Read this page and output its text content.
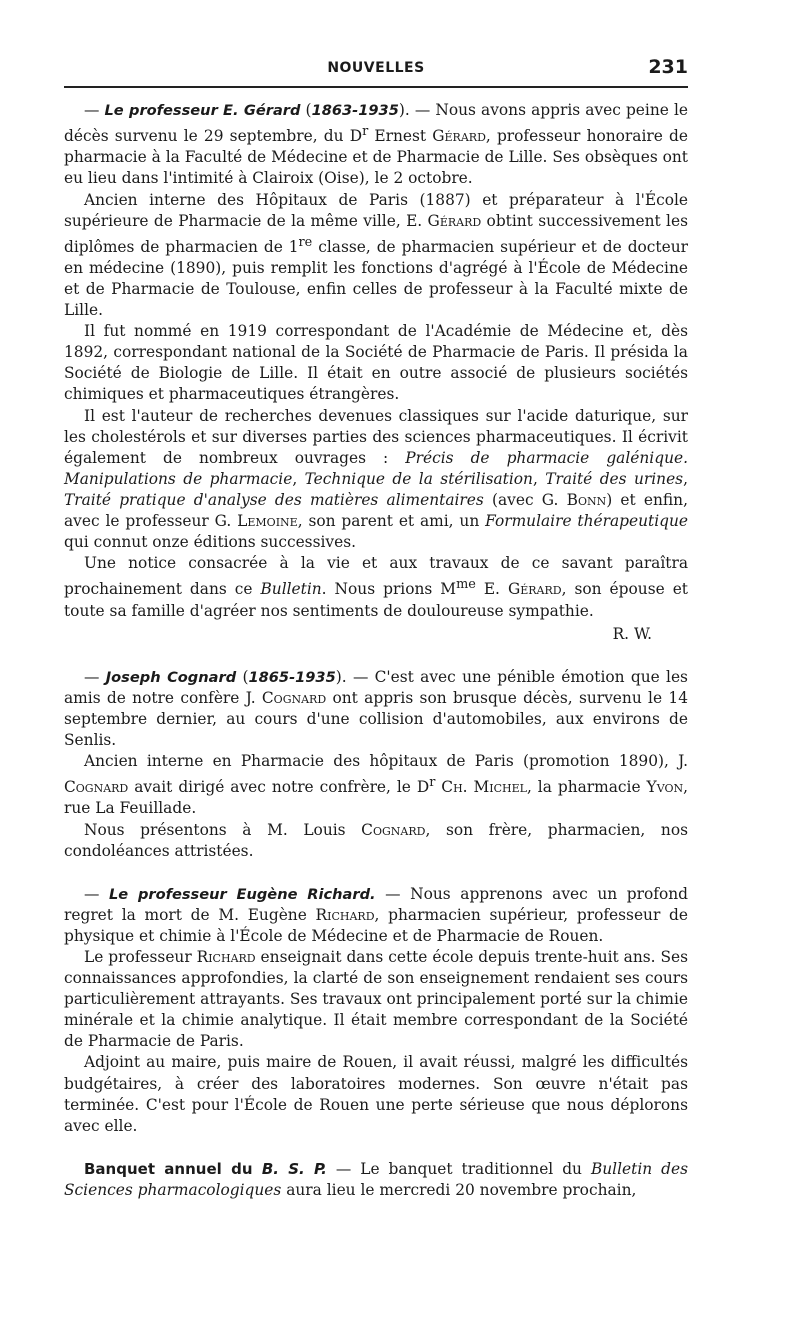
NOUVELLES	231

— Le professeur E. Gérard (1863-1935). — Nous avons appris avec peine le décès survenu le 29 septembre, du $D^r$ Ernest Gérard, professeur honoraire de pharmacie à la Faculté de Médecine et de Pharmacie de Lille. Ses obsèques ont eu lieu dans l'intimité à Clairoix (Oise), le 2 octobre.

Ancien interne des Hôpitaux de Paris (1887) et préparateur à l'École supérieure de Pharmacie de la même ville, E. Gérard obtint successivement les diplômes de pharmacien de 1re classe, de pharmacien supérieur et de docteur en médecine (1890), puis remplit les fonctions d'agrégé à l'École de Médecine et de Pharmacie de Toulouse, enfin celles de professeur à la Faculté mixte de Lille.

Il fut nommé en 1919 correspondant de l'Académie de Médecine et, dès 1892, correspondant national de la Société de Pharmacie de Paris. Il présida la Société de Biologie de Lille. Il était en outre associé de plusieurs sociétés chimiques et pharmaceutiques étrangères.

Il est l'auteur de recherches devenues classiques sur l'acide daturique, sur les cholestérols et sur diverses parties des sciences pharmaceutiques. Il écrivit également de nombreux ouvrages : Précis de pharmacie galénique. Manipulations de pharmacie, Technique de la stérilisation, Traité des urines, Traité pratique d'analyse des matières alimentaires (avec G. Bonn) et enfin, avec le professeur G. Lemoine, son parent et ami, un Formulaire thérapeutique qui connut onze éditions successives.

Une notice consacrée à la vie et aux travaux de ce savant paraîtra prochainement dans ce Bulletin. Nous prions $M^{me}$ E. Gérard, son épouse et toute sa famille d'agréer nos sentiments de douloureuse sympathie.

R. W.

— Joseph Cognard (1865-1935). — C'est avec une pénible émotion que les amis de notre confère J. Cognard ont appris son brusque décès, survenu le 14 septembre dernier, au cours d'une collision d'automobiles, aux environs de Senlis.

Ancien interne en Pharmacie des hôpitaux de Paris (promotion 1890), J. Cognard avait dirigé avec notre confrère, le $D^r$ Ch. Michel, la pharmacie Yvon, rue La Feuillade.

Nous présentons à M. Louis Cognard, son frère, pharmacien, nos condoléances attristées.

— Le professeur Eugène Richard. — Nous apprenons avec un profond regret la mort de M. Eugène Richard, pharmacien supérieur, professeur de physique et chimie à l'École de Médecine et de Pharmacie de Rouen.

Le professeur Richard enseignait dans cette école depuis trente-huit ans. Ses connaissances approfondies, la clarté de son enseignement rendaient ses cours particulièrement attrayants. Ses travaux ont principalement porté sur la chimie minérale et la chimie analytique. Il était membre correspondant de la Société de Pharmacie de Paris.

Adjoint au maire, puis maire de Rouen, il avait réussi, malgré les difficultés budgétaires, à créer des laboratoires modernes. Son œuvre n'était pas terminée. C'est pour l'École de Rouen une perte sérieuse que nous déplorons avec elle.

Banquet annuel du B. S. P. — Le banquet traditionnel du Bulletin des Sciences pharmacologiques aura lieu le mercredi 20 novembre prochain,
